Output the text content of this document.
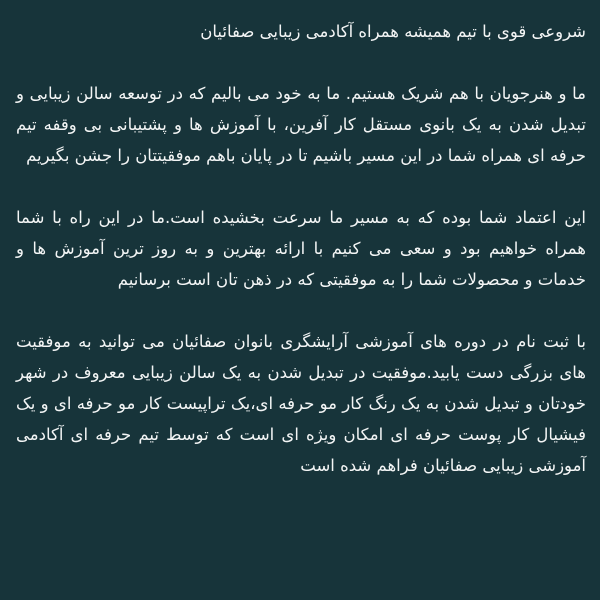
شروعی قوی با تیم همیشه همراه آکادمی زیبایی صفائیان

ما و هنرجویان با هم شریک هستیم. ما به خود می بالیم که در توسعه سالن زیبایی و تبدیل شدن به یک بانوی مستقل کار آفرین، با آموزش ها و پشتیبانی بی وقفه تیم حرفه ای همراه شما در این مسیر باشیم تا در پایان باهم موفقیتتان را جشن بگیریم

این اعتماد شما بوده که به مسیر ما سرعت بخشیده است.ما در این راه با شما همراه خواهیم بود و سعی می کنیم با ارائه بهترین و به روز ترین آموزش ها و خدمات و محصولات شما را به موفقیتی که در ذهن تان است برسانیم

با ثبت نام در دوره های آموزشی آرایشگری بانوان صفائیان می توانید به موفقیت های بزرگی دست یابید.موفقیت در تبدیل شدن به یک سالن زیبایی معروف در شهر خودتان و تبدیل شدن به یک رنگ کار مو حرفه ای،یک تراپیست کار مو حرفه ای و یک فیشیال کار پوست حرفه ای امکان ویژه ای است که توسط تیم حرفه ای آکادمی آموزشی زیبایی صفائیان فراهم شده است
